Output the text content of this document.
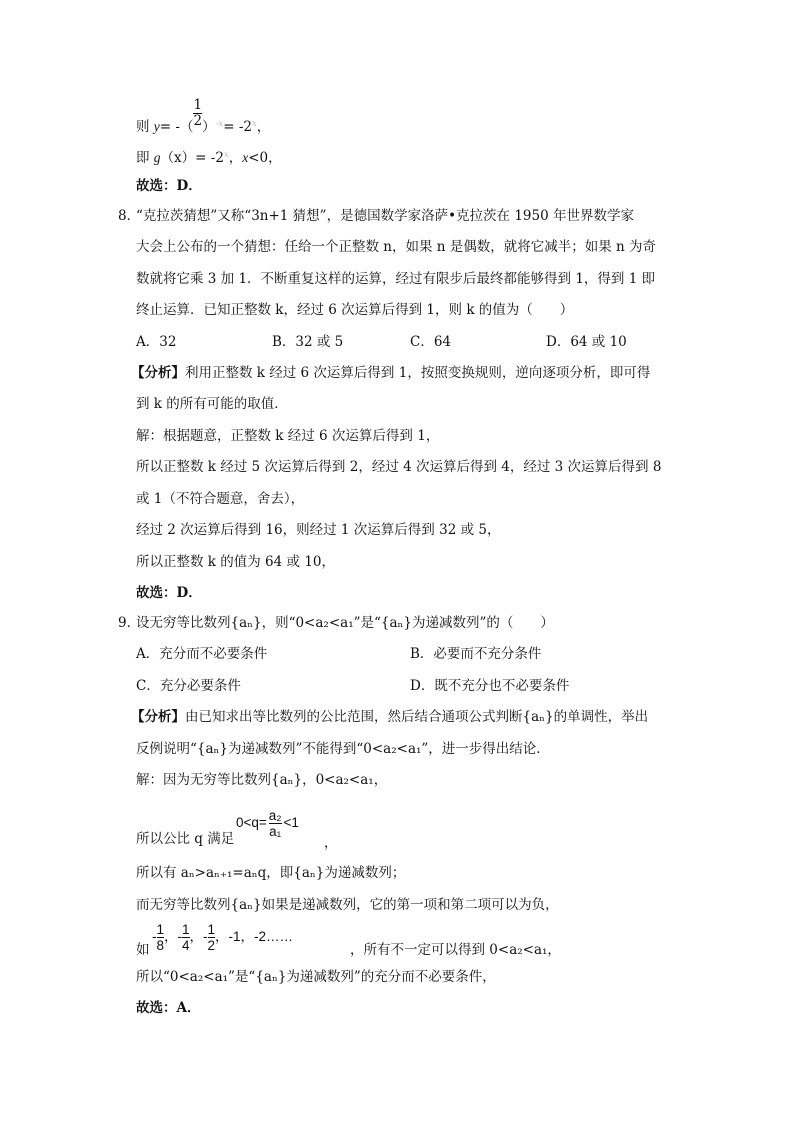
则 y= -（ $\frac{1}{2} )^{-x}= -2^x$，
即 $g(x)= -2^x$，x<0，
故选：D．
8．
“克拉茨猜想”又称“3n+1 猜想”，是德国数学家洛萨•克拉茨在 1950 年世界数学家
大会上公布的一个猜想：任给一个正整数 n，如果 n 是偶数，就将它减半；如果 n 为奇
数就将它乘 3 加 1．不断重复这样的运算，经过有限步后最终都能够得到 1，得到 1 即
终止运算．已知正整数 k，经过 6 次运算后得到 1，则 k 的值为（　　）
A．32	B．32 或 5	C．64	D．64 或 10
【分析】利用正整数 k 经过 6 次运算后得到 1，按照变换规则，逆向逐项分析，即可得
到 k 的所有可能的取值．
解：根据题意，正整数 k 经过 6 次运算后得到 1，
所以正整数 k 经过 5 次运算后得到 2，经过 4 次运算后得到 4，经过 3 次运算后得到 8
或 1（不符合题意，舍去），
经过 2 次运算后得到 16，则经过 1 次运算后得到 32 或 5，
所以正整数 k 的值为 64 或 10，
故选：D．
9．
设无穷等比数列{aₙ}，则“0<a₂<a₁”是“{aₙ}为递减数列”的（　　）
A．充分而不必要条件	B．必要而不充分条件
C．充分必要条件	D．既不充分也不必要条件
【分析】由已知求出等比数列的公比范围，然后结合通项公式判断{aₙ}的单调性，举出
反例说明“{aₙ}为递减数列”不能得到“0<a₂<a₁”，进一步得出结论．
解：因为无穷等比数列{aₙ}，0<a₂<a₁，
所以公比 q 满足
$0<q= \frac{\text{a₂}}{\text{a₁}} <1$
，
所以有 aₙ>aₙ₊₁=aₙq，即{aₙ}为递减数列；
而无穷等比数列{aₙ}如果是递减数列，它的第一项和第二项可以为负，
如
- $\frac{1}{8}$ ，- $\frac{1}{4}$ ，- $\frac{1}{2}$ ，-1，-2……
，所有不一定可以得到 0<a₂<a₁，
所以“0<a₂<a₁”是“{aₙ}为递减数列”的充分而不必要条件，
故选：A．
